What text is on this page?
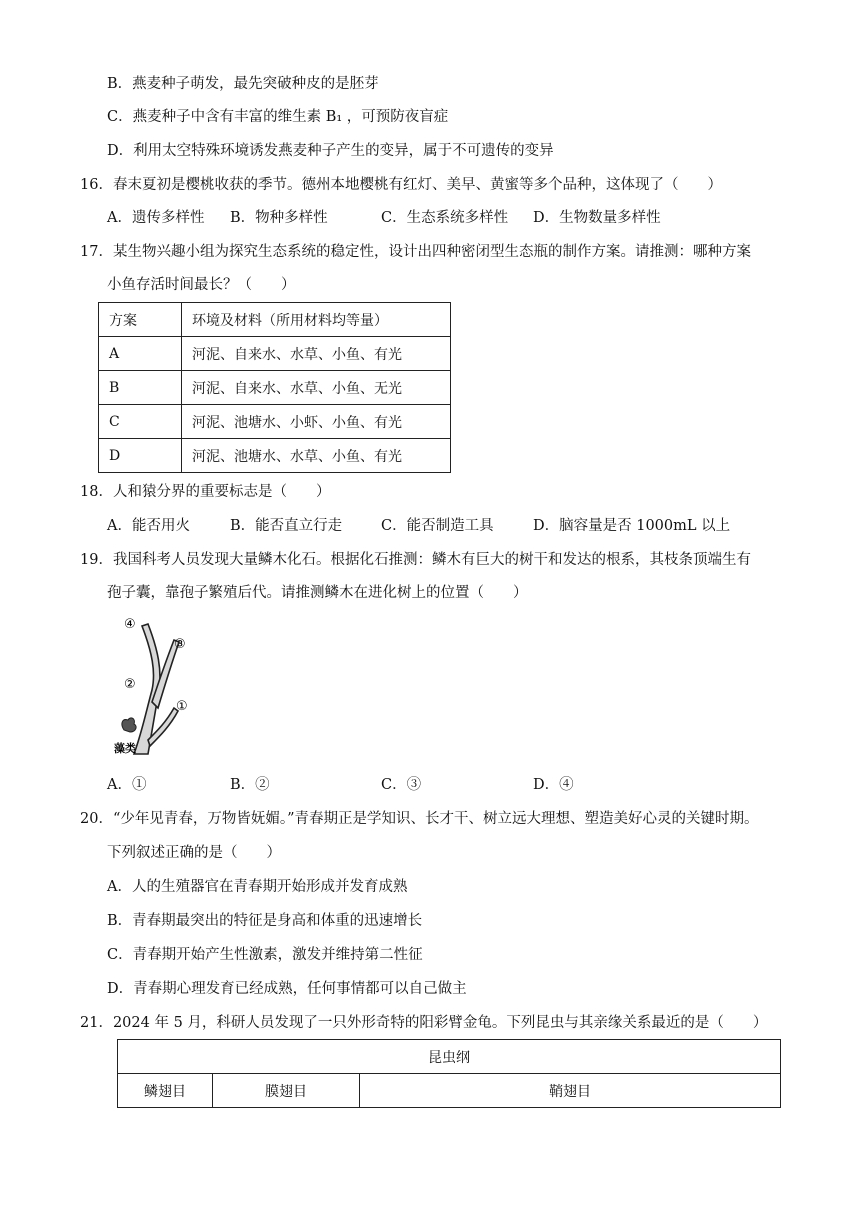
B．燕麦种子萌发，最先突破种皮的是胚芽
C．燕麦种子中含有丰富的维生素 B₁ ，可预防夜盲症
D．利用太空特殊环境诱发燕麦种子产生的变异，属于不可遗传的变异
16．春末夏初是樱桃收获的季节。德州本地樱桃有红灯、美早、黄蜜等多个品种，这体现了（　　）
A．遗传多样性 B．物种多样性	C．生态系统多样性 D．生物数量多样性
17．某生物兴趣小组为探究生态系统的稳定性，设计出四种密闭型生态瓶的制作方案。请推测：哪种方案
小鱼存活时间最长？（　　）
方案	环境及材料（所用材料均等量）
A	河泥、自来水、水草、小鱼、有光
B	河泥、自来水、水草、小鱼、无光
C	河泥、池塘水、小虾、小鱼、有光
D	河泥、池塘水、水草、小鱼、有光
18．人和猿分界的重要标志是（　　）
A．能否用火	B．能否直立行走	C．能否制造工具	D．脑容量是否 1000mL 以上
19．我国科考人员发现大量鳞木化石。根据化石推测：鳞木有巨大的树干和发达的根系，其枝条顶端生有
孢子囊，靠孢子繁殖后代。请推测鳞木在进化树上的位置（　　）
④
③
②
①
藻类
A．①	B．②	C．③	D．④
20．“少年见青春，万物皆妩媚。”青春期正是学知识、长才干、树立远大理想、塑造美好心灵的关键时期。
下列叙述正确的是（　　）
A．人的生殖器官在青春期开始形成并发育成熟
B．青春期最突出的特征是身高和体重的迅速增长
C．青春期开始产生性激素，激发并维持第二性征
D．青春期心理发育已经成熟，任何事情都可以自己做主
21．2024 年 5 月，科研人员发现了一只外形奇特的阳彩臂金龟。下列昆虫与其亲缘关系最近的是（　　）
昆虫纲
鳞翅目	膜翅目	鞘翅目
